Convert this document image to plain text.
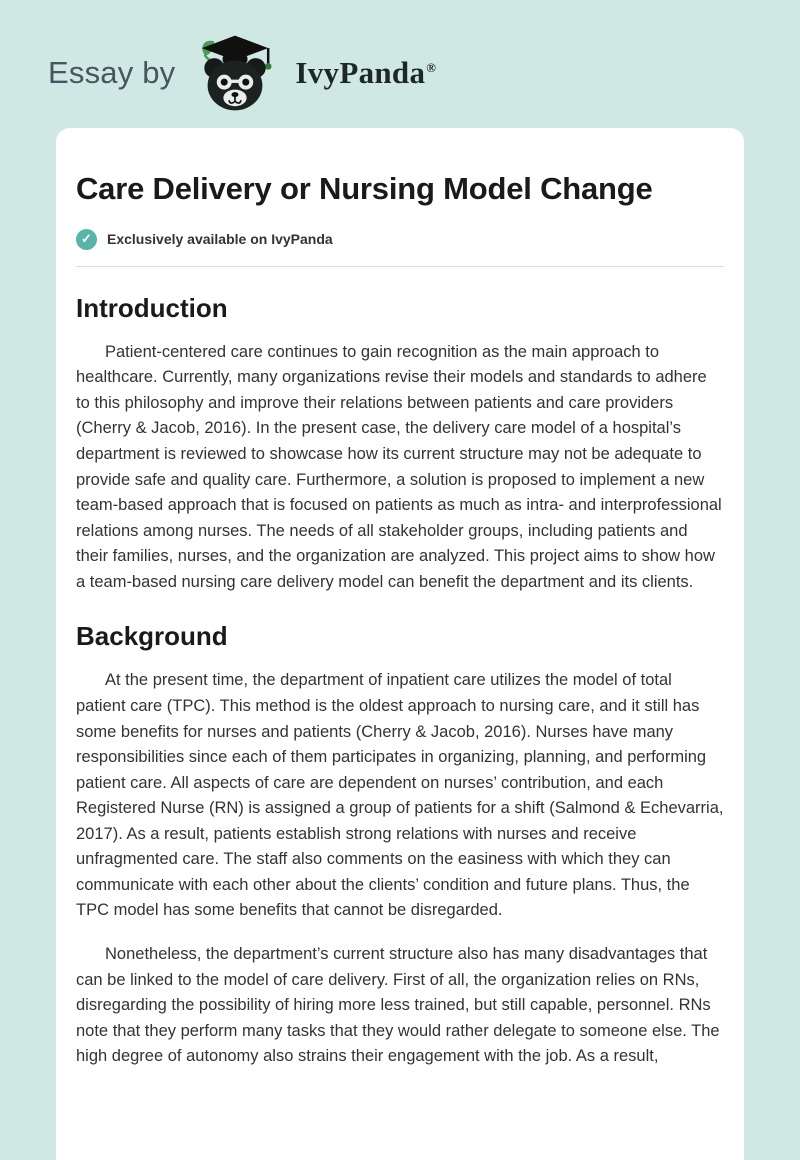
Essay by	IvyPanda®
Care Delivery or Nursing Model Change
✓	Exclusively available on IvyPanda
Introduction

Patient-centered care continues to gain recognition as the main approach to healthcare. Currently, many organizations revise their models and standards to adhere to this philosophy and improve their relations between patients and care providers (Cherry & Jacob, 2016). In the present case, the delivery care model of a hospital’s department is reviewed to showcase how its current structure may not be adequate to provide safe and quality care. Furthermore, a solution is proposed to implement a new team-based approach that is focused on patients as much as intra- and interprofessional relations among nurses. The needs of all stakeholder groups, including patients and their families, nurses, and the organization are analyzed. This project aims to show how a team-based nursing care delivery model can benefit the department and its clients.

Background

At the present time, the department of inpatient care utilizes the model of total patient care (TPC). This method is the oldest approach to nursing care, and it still has some benefits for nurses and patients (Cherry & Jacob, 2016). Nurses have many responsibilities since each of them participates in organizing, planning, and performing patient care. All aspects of care are dependent on nurses’ contribution, and each Registered Nurse (RN) is assigned a group of patients for a shift (Salmond & Echevarria, 2017). As a result, patients establish strong relations with nurses and receive unfragmented care. The staff also comments on the easiness with which they can communicate with each other about the clients’ condition and future plans. Thus, the TPC model has some benefits that cannot be disregarded.

Nonetheless, the department’s current structure also has many disadvantages that can be linked to the model of care delivery. First of all, the organization relies on RNs, disregarding the possibility of hiring more less trained, but still capable, personnel. RNs note that they perform many tasks that they would rather delegate to someone else. The high degree of autonomy also strains their engagement with the job. As a result,
